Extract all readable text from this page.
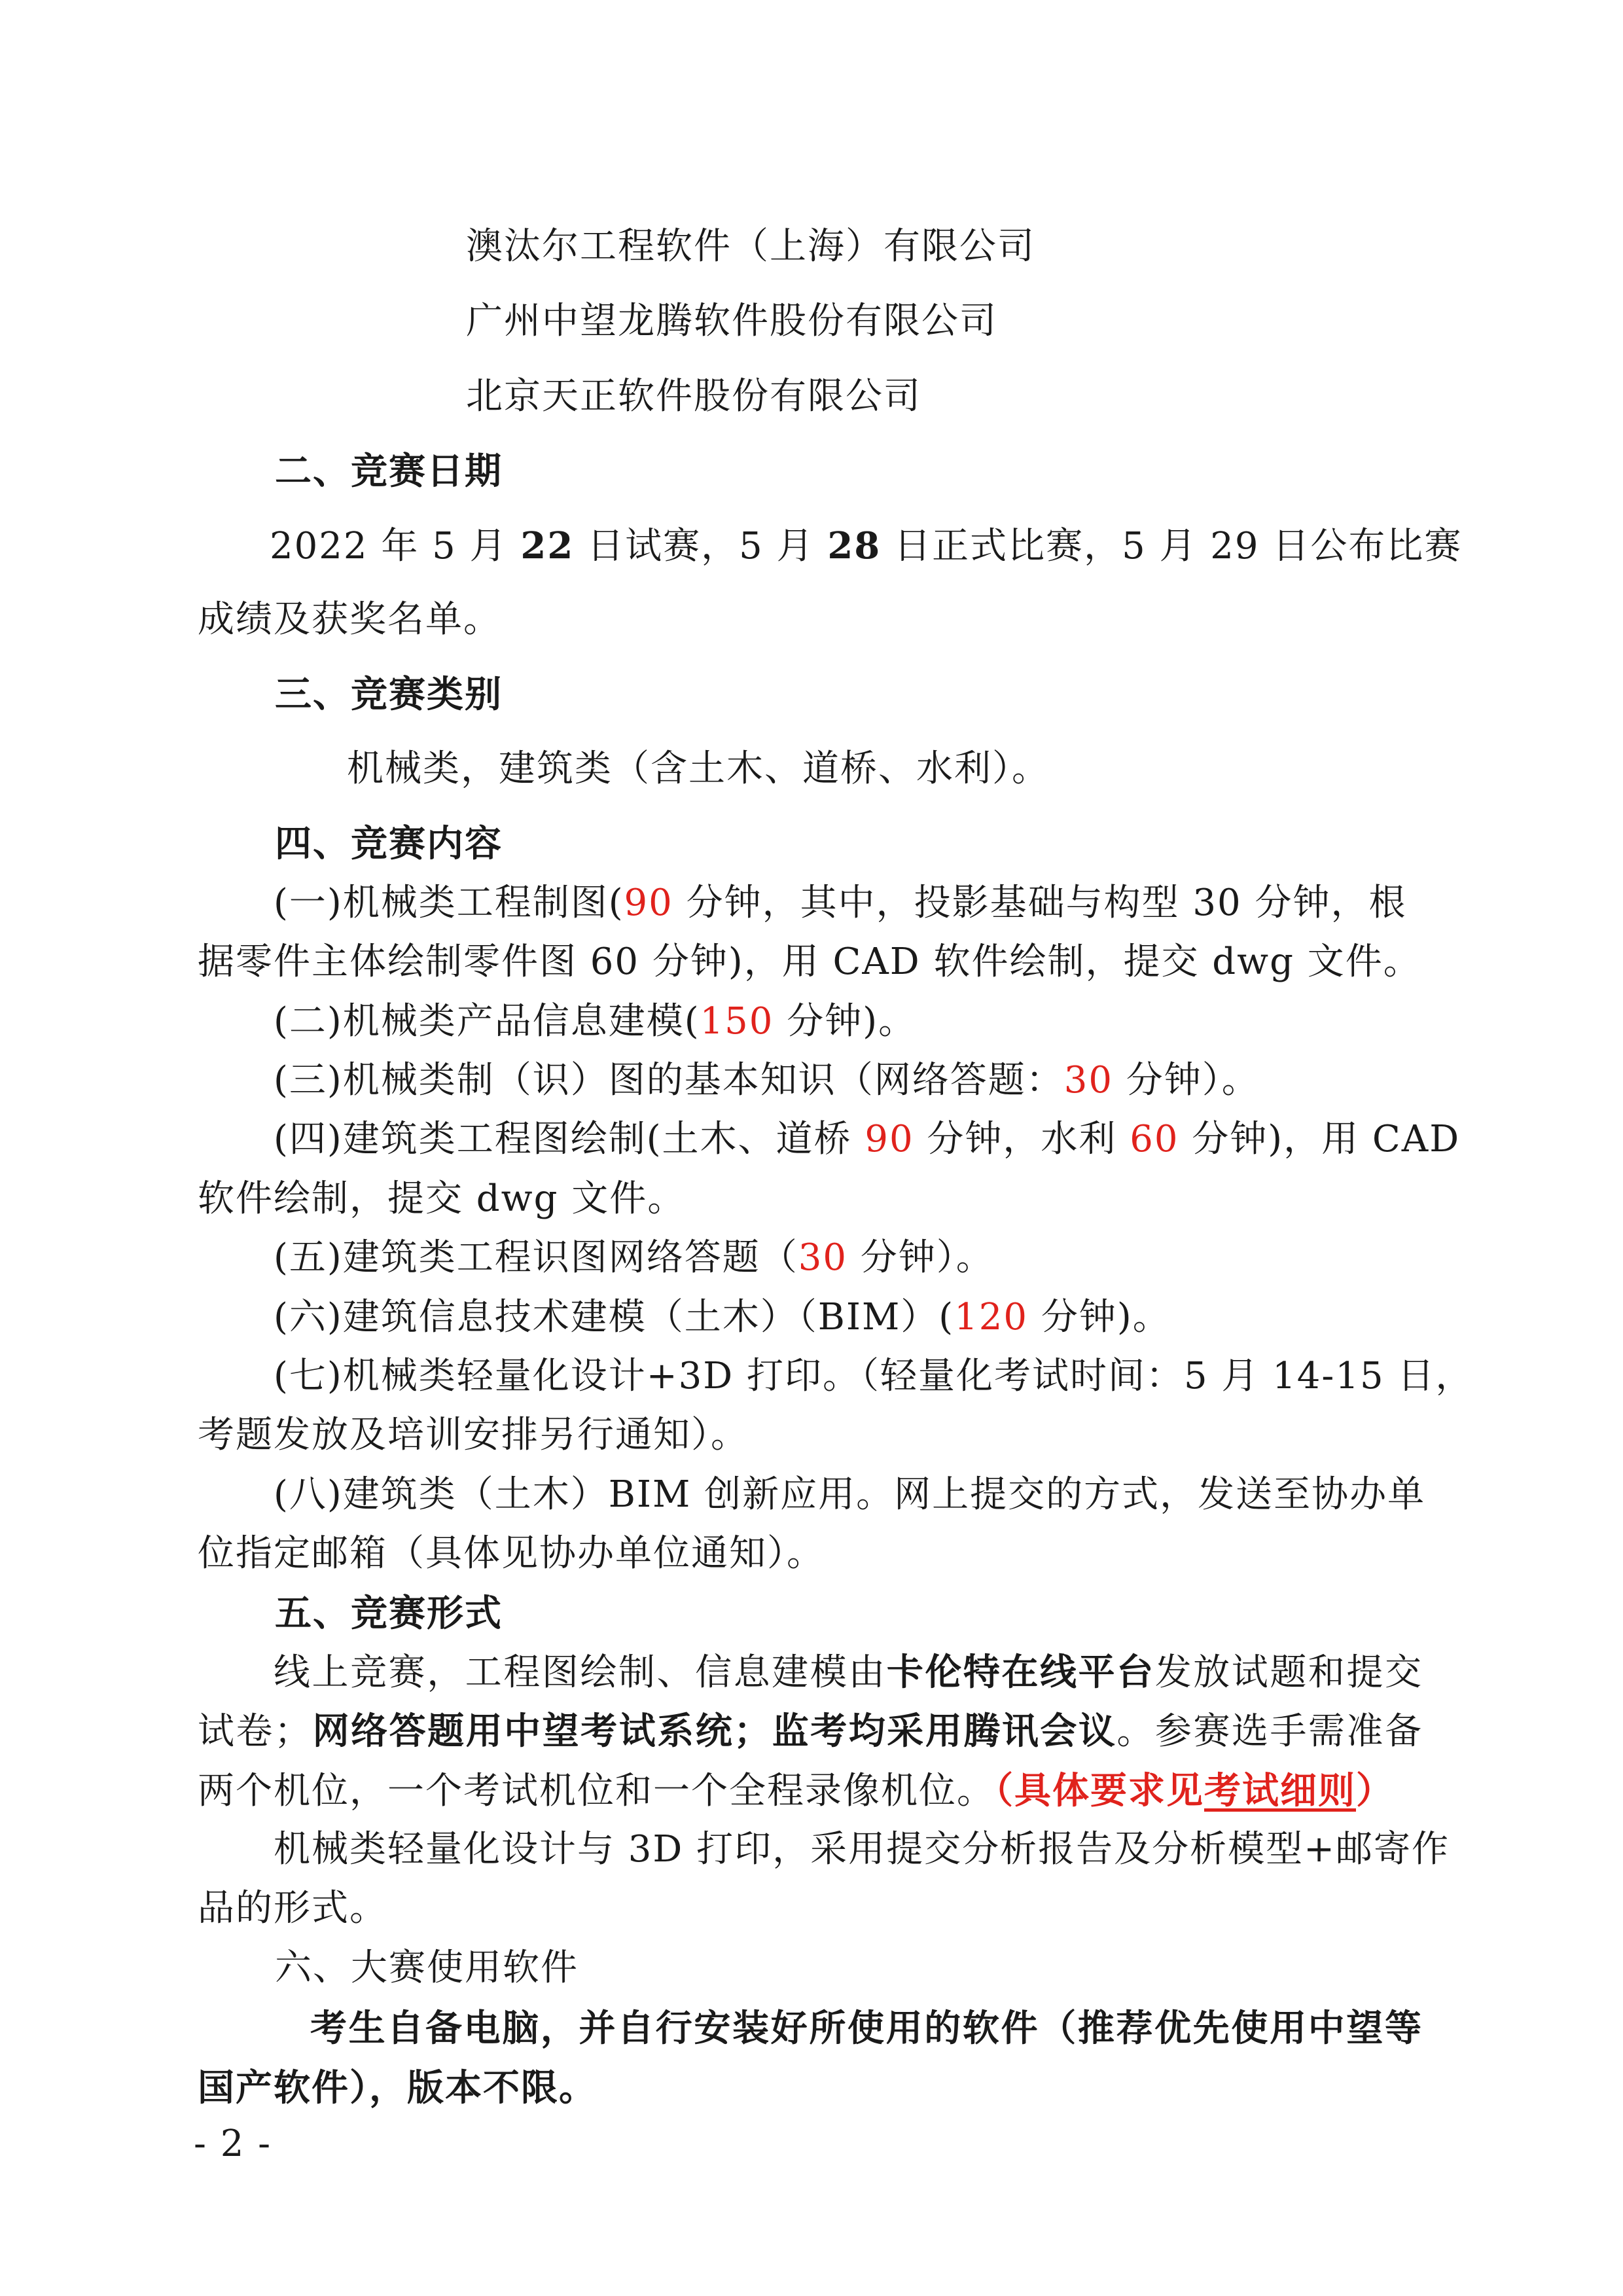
澳汰尔工程软件（上海）有限公司
广州中望龙腾软件股份有限公司
北京天正软件股份有限公司
二、竞赛日期
2022 年 5 月 22 日试赛，5 月 28 日正式比赛，5 月 29 日公布比赛
成绩及获奖名单。
三、竞赛类别
机械类，建筑类（含土木、道桥、水利）。
四、竞赛内容
(一)机械类工程制图(90 分钟，其中，投影基础与构型 30 分钟，根
据零件主体绘制零件图 60 分钟)，用 CAD 软件绘制，提交 dwg 文件。
(二)机械类产品信息建模(150 分钟)。
(三)机械类制（识）图的基本知识（网络答题：30 分钟）。
(四)建筑类工程图绘制(土木、道桥 90 分钟，水利 60 分钟)，用 CAD
软件绘制，提交 dwg 文件。
(五)建筑类工程识图网络答题（30 分钟）。
(六)建筑信息技术建模（土木）（BIM）(120 分钟)。
(七)机械类轻量化设计+3D 打印。（轻量化考试时间：5 月 14-15 日，
考题发放及培训安排另行通知）。
(八)建筑类（土木）BIM 创新应用。网上提交的方式，发送至协办单
位指定邮箱（具体见协办单位通知）。
五、竞赛形式
线上竞赛，工程图绘制、信息建模由卡伦特在线平台发放试题和提交
试卷；网络答题用中望考试系统；监考均采用腾讯会议。参赛选手需准备
两个机位，一个考试机位和一个全程录像机位。（具体要求见考试细则）
机械类轻量化设计与 3D 打印，采用提交分析报告及分析模型+邮寄作
品的形式。
六、大赛使用软件
考生自备电脑，并自行安装好所使用的软件（推荐优先使用中望等
国产软件），版本不限。
- 2 -
